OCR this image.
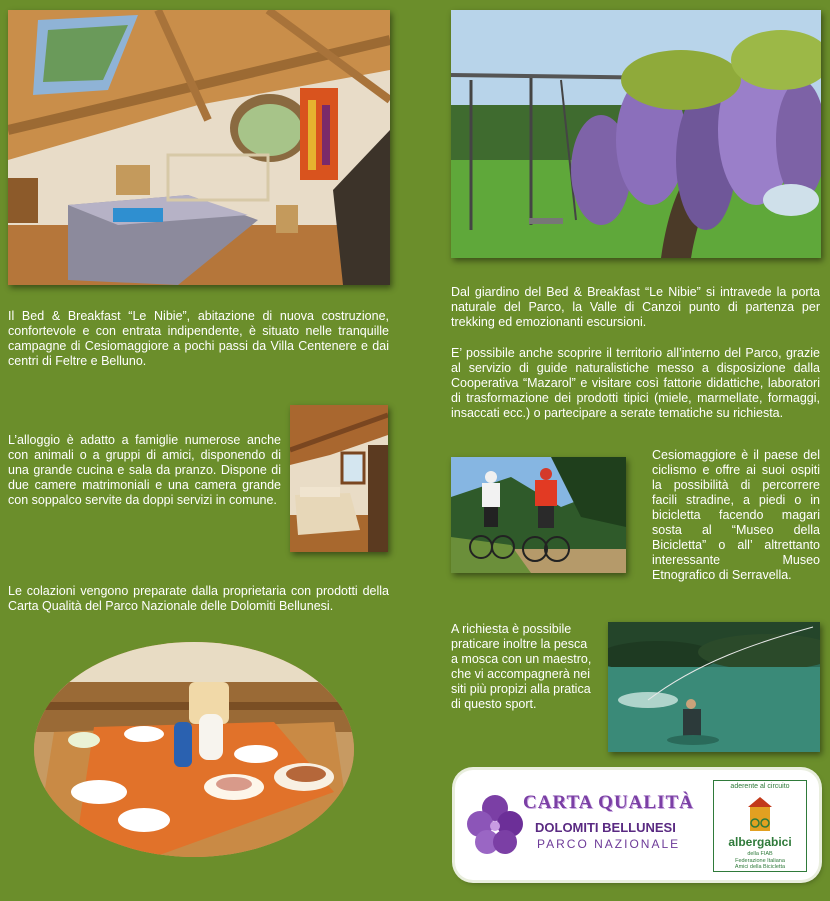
Il Bed & Breakfast “Le Nibie”, abitazione di nuova costruzione, confortevole e con entrata indipendente, è situato nelle tranquille campagne di Cesiomaggiore a pochi passi da Villa Centenere e dai centri di Feltre e Belluno.

L’alloggio è adatto a famiglie numerose anche con animali o a gruppi di amici, disponendo di una grande cucina e sala da pranzo. Dispone di due camere matrimoniali e una camera grande con soppalco servite da doppi servizi in comune.

Le colazioni vengono preparate dalla proprietaria con prodotti della Carta Qualità del Parco Nazionale delle Dolomiti Bellunesi.

Dal giardino del Bed & Breakfast “Le Nibie” si intravede la porta naturale del Parco, la Valle di Canzoi punto di partenza per trekking ed emozionanti escursioni.

E’ possibile anche scoprire il territorio all’interno del Parco, grazie al servizio di guide naturalistiche messo a disposizione dalla Cooperativa “Mazarol” e visitare così fattorie didattiche, laboratori di trasformazione dei prodotti tipici (miele, marmellate, formaggi, insaccati ecc.) o partecipare a serate tematiche su richiesta.

Cesiomaggiore è il paese del ciclismo e offre ai suoi ospiti la possibilità di percorrere facili stradine, a piedi o in bicicletta facendo magari sosta al “Museo della Bicicletta” o all’ altrettanto interessante Museo Etnografico di Serravella.

A richiesta è possibile praticare inoltre la pesca a mosca con un maestro, che vi accompagnerà nei siti più propizi alla pratica di questo sport.

CARTA QUALITÀ
DOLOMITI BELLUNESI
PARCO NAZIONALE
aderente al circuito
albergabici
della FIAB
Federazione Italiana
Amici della Bicicletta
